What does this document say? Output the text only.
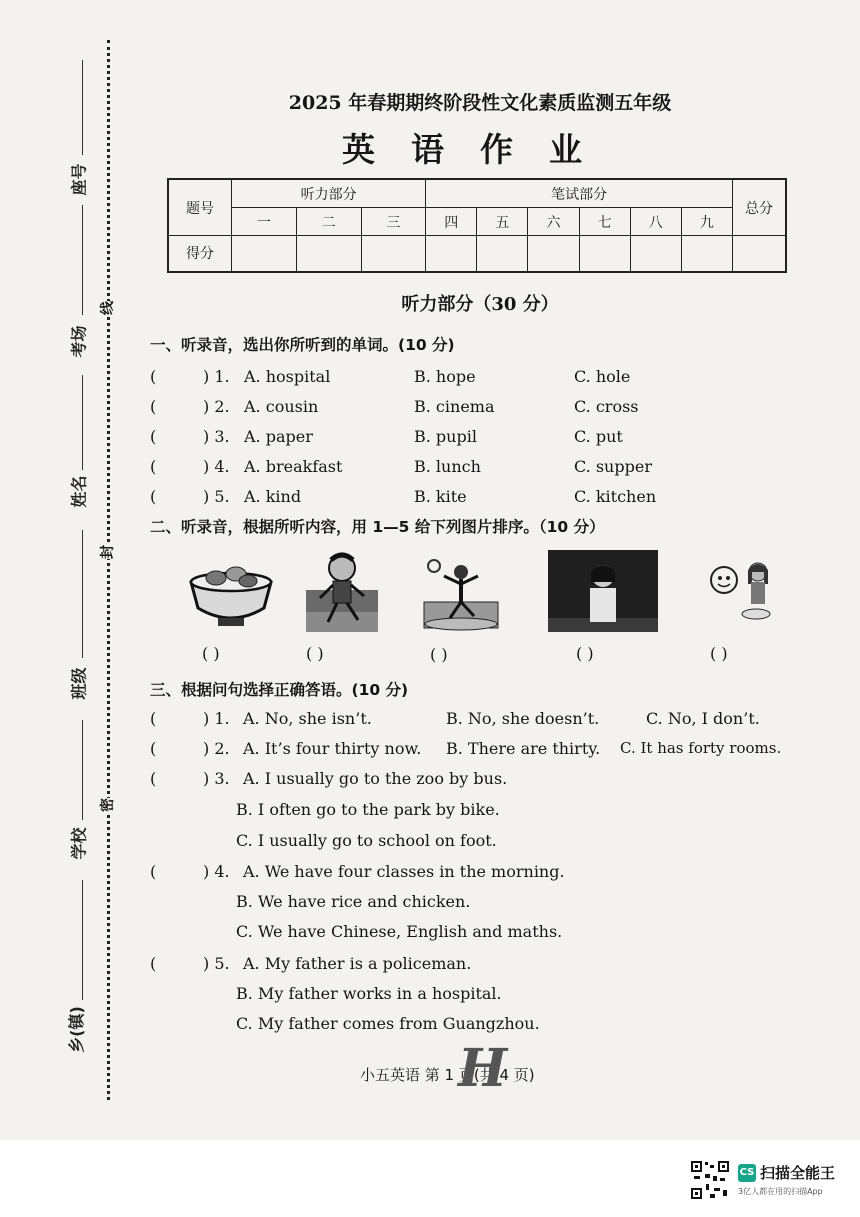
线
封
密
座号
考场
姓名
班级
学校
乡(镇)
2025 年春期期终阶段性文化素质监测五年级
英语作业
题号	听力部分			笔试部分						总分
	一	二	三	四	五	六	七	八	九	
得分										
听力部分（30 分）
一、听录音，选出你所听到的单词。(10 分)
(	) 1. A. hospital	B. hope	C. hole
(	) 2. A. cousin	B. cinema	C. cross
(	) 3. A. paper	B. pupil	C. put
(	) 4. A. breakfast	B. lunch	C. supper
(	) 5. A. kind	B. kite	C. kitchen
二、听录音，根据所听内容，用 1—5 给下列图片排序。（10 分）
( )	( )	( )	( )	( )
三、根据问句选择正确答语。(10 分)
(	) 1. A. No, she isn’t.	B. No, she doesn’t.	C. No, I don’t.
(	) 2. A. It’s four thirty now. B. There are thirty. C. It has forty rooms.
(	) 3. A. I usually go to the zoo by bus.
B. I often go to the park by bike.
C. I usually go to school on foot.
(	) 4. A. We have four classes in the morning.
B. We have rice and chicken.
C. We have Chinese, English and maths.
(	) 5. A. My father is a policeman.
B. My father works in a hospital.
C. My father comes from Guangzhou.
小五英语 第 1 页(共 4 页)
H
CS 扫描全能王
3亿人都在用的扫描App
